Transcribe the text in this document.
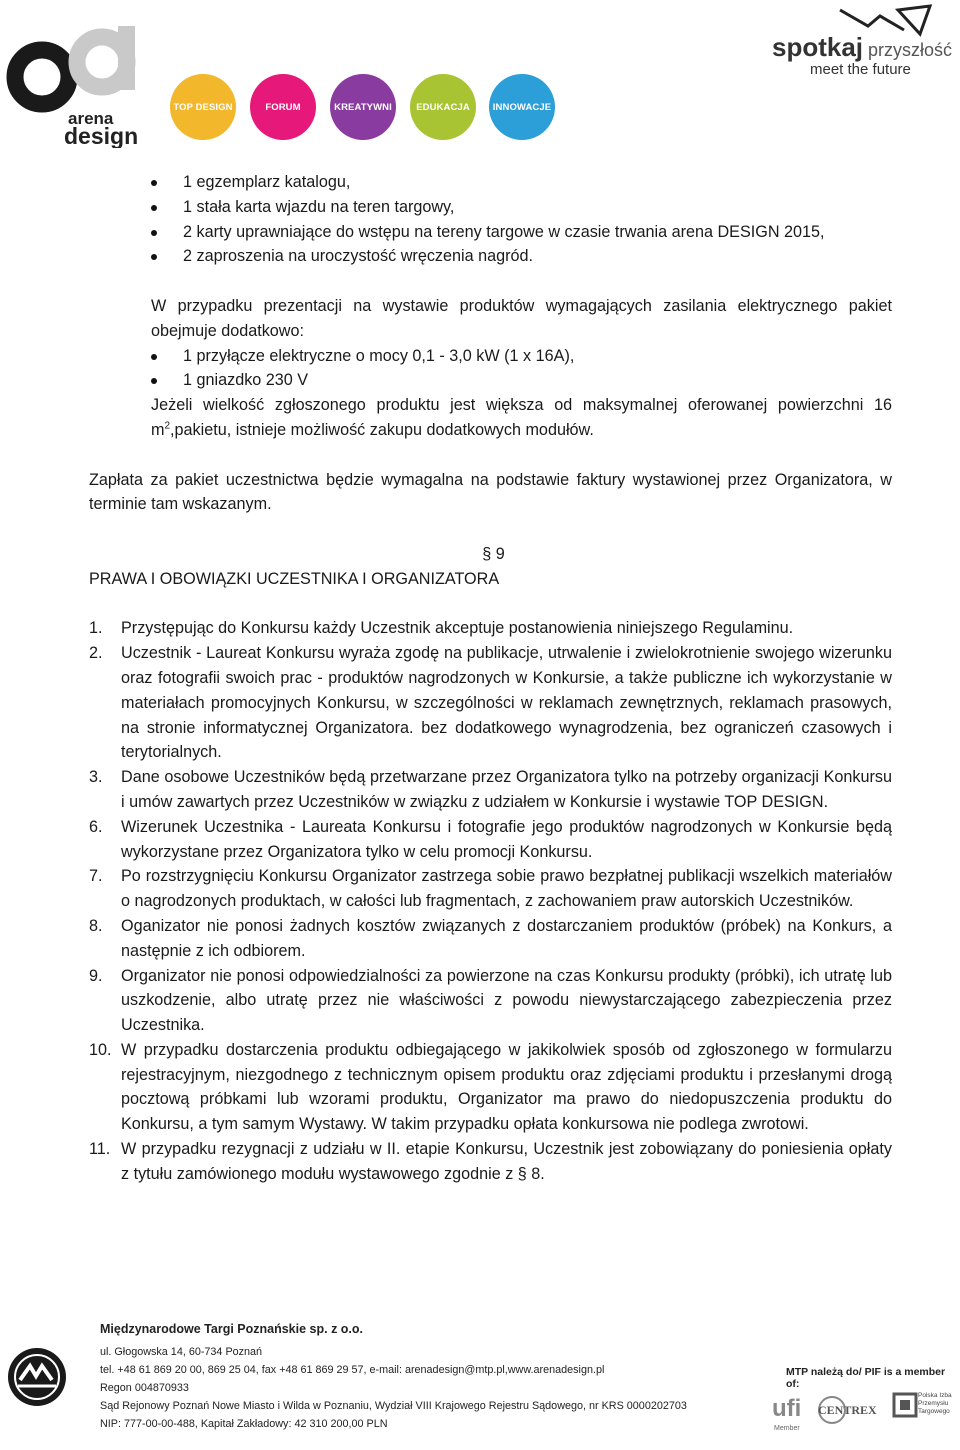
arena
design
TOP DESIGN	FORUM	KREATYWNI	EDUKACJA	INNOWACJE
spotkaj przyszłość
meet the future
1 egzemplarz katalogu,
1 stała karta wjazdu na teren targowy,
2 karty uprawniające do wstępu na tereny targowe w czasie trwania arena DESIGN 2015,
2 zaproszenia na uroczystość wręczenia nagród.
W przypadku prezentacji na wystawie produktów wymagających zasilania elektrycznego pakiet obejmuje dodatkowo:
1 przyłącze elektryczne o mocy 0,1 - 3,0 kW (1 x 16A),
1 gniazdko 230 V
Jeżeli wielkość zgłoszonego produktu jest większa od maksymalnej oferowanej powierzchni 16 $m^2,pakietu$, istnieje możliwość zakupu dodatkowych modułów.
Zapłata za pakiet uczestnictwa będzie wymagalna na podstawie faktury wystawionej przez Organizatora, w terminie tam wskazanym.
§ 9
PRAWA I OBOWIĄZKI UCZESTNIKA I ORGANIZATORA
1. Przystępując do Konkursu każdy Uczestnik akceptuje postanowienia niniejszego Regulaminu.
2. Uczestnik - Laureat Konkursu wyraża zgodę na publikacje, utrwalenie i zwielokrotnienie swojego wizerunku oraz fotografii swoich prac - produktów nagrodzonych w Konkursie, a także publiczne ich wykorzystanie w materiałach promocyjnych Konkursu, w szczególności w reklamach zewnętrznych, reklamach prasowych, na stronie informatycznej Organizatora. bez dodatkowego wynagrodzenia, bez ograniczeń czasowych i terytorialnych.
3. Dane osobowe Uczestników będą przetwarzane przez Organizatora tylko na potrzeby organizacji Konkursu i umów zawartych przez Uczestników w związku z udziałem w Konkursie i wystawie TOP DESIGN.
6. Wizerunek Uczestnika - Laureata Konkursu i fotografie jego produktów nagrodzonych w Konkursie będą wykorzystane przez Organizatora tylko w celu promocji Konkursu.
7. Po rozstrzygnięciu Konkursu Organizator zastrzega sobie prawo bezpłatnej publikacji wszelkich materiałów o nagrodzonych produktach, w całości lub fragmentach, z zachowaniem praw autorskich Uczestników.
8. Oganizator nie ponosi żadnych kosztów związanych z dostarczaniem produktów (próbek) na Konkurs, a następnie z ich odbiorem.
9. Organizator nie ponosi odpowiedzialności za powierzone na czas Konkursu produkty (próbki), ich utratę lub uszkodzenie, albo utratę przez nie właściwości z powodu niewystarczającego zabezpieczenia przez Uczestnika.
10. W przypadku dostarczenia produktu odbiegającego w jakikolwiek sposób od zgłoszonego w formularzu rejestracyjnym, niezgodnego z technicznym opisem produktu oraz zdjęciami produktu i przesłanymi drogą pocztową próbkami lub wzorami produktu, Organizator ma prawo do niedopuszczenia produktu do Konkursu, a tym samym Wystawy. W takim przypadku opłata konkursowa nie podlega zwrotowi.
11. W przypadku rezygnacji z udziału w II. etapie Konkursu, Uczestnik jest zobowiązany do poniesienia opłaty z tytułu zamówionego modułu wystawowego zgodnie z § 8.
Międzynarodowe Targi Poznańskie sp. z o.o.
ul. Głogowska 14, 60-734 Poznań
tel. +48 61 869 20 00, 869 25 04, fax +48 61 869 29 57, e-mail: arenadesign@mtp.pl,www.arenadesign.pl
Regon 004870933
Sąd Rejonowy Poznań Nowe Miasto i Wilda w Poznaniu, Wydział VIII Krajowego Rejestru Sądowego, nr KRS 0000202703
NIP: 777-00-00-488, Kapitał Zakładowy: 42 310 200,00 PLN
MTP należą do/ PIF is a member of:
ufi
Member
CENTREX
Polska Izba Przemysłu Targowego
